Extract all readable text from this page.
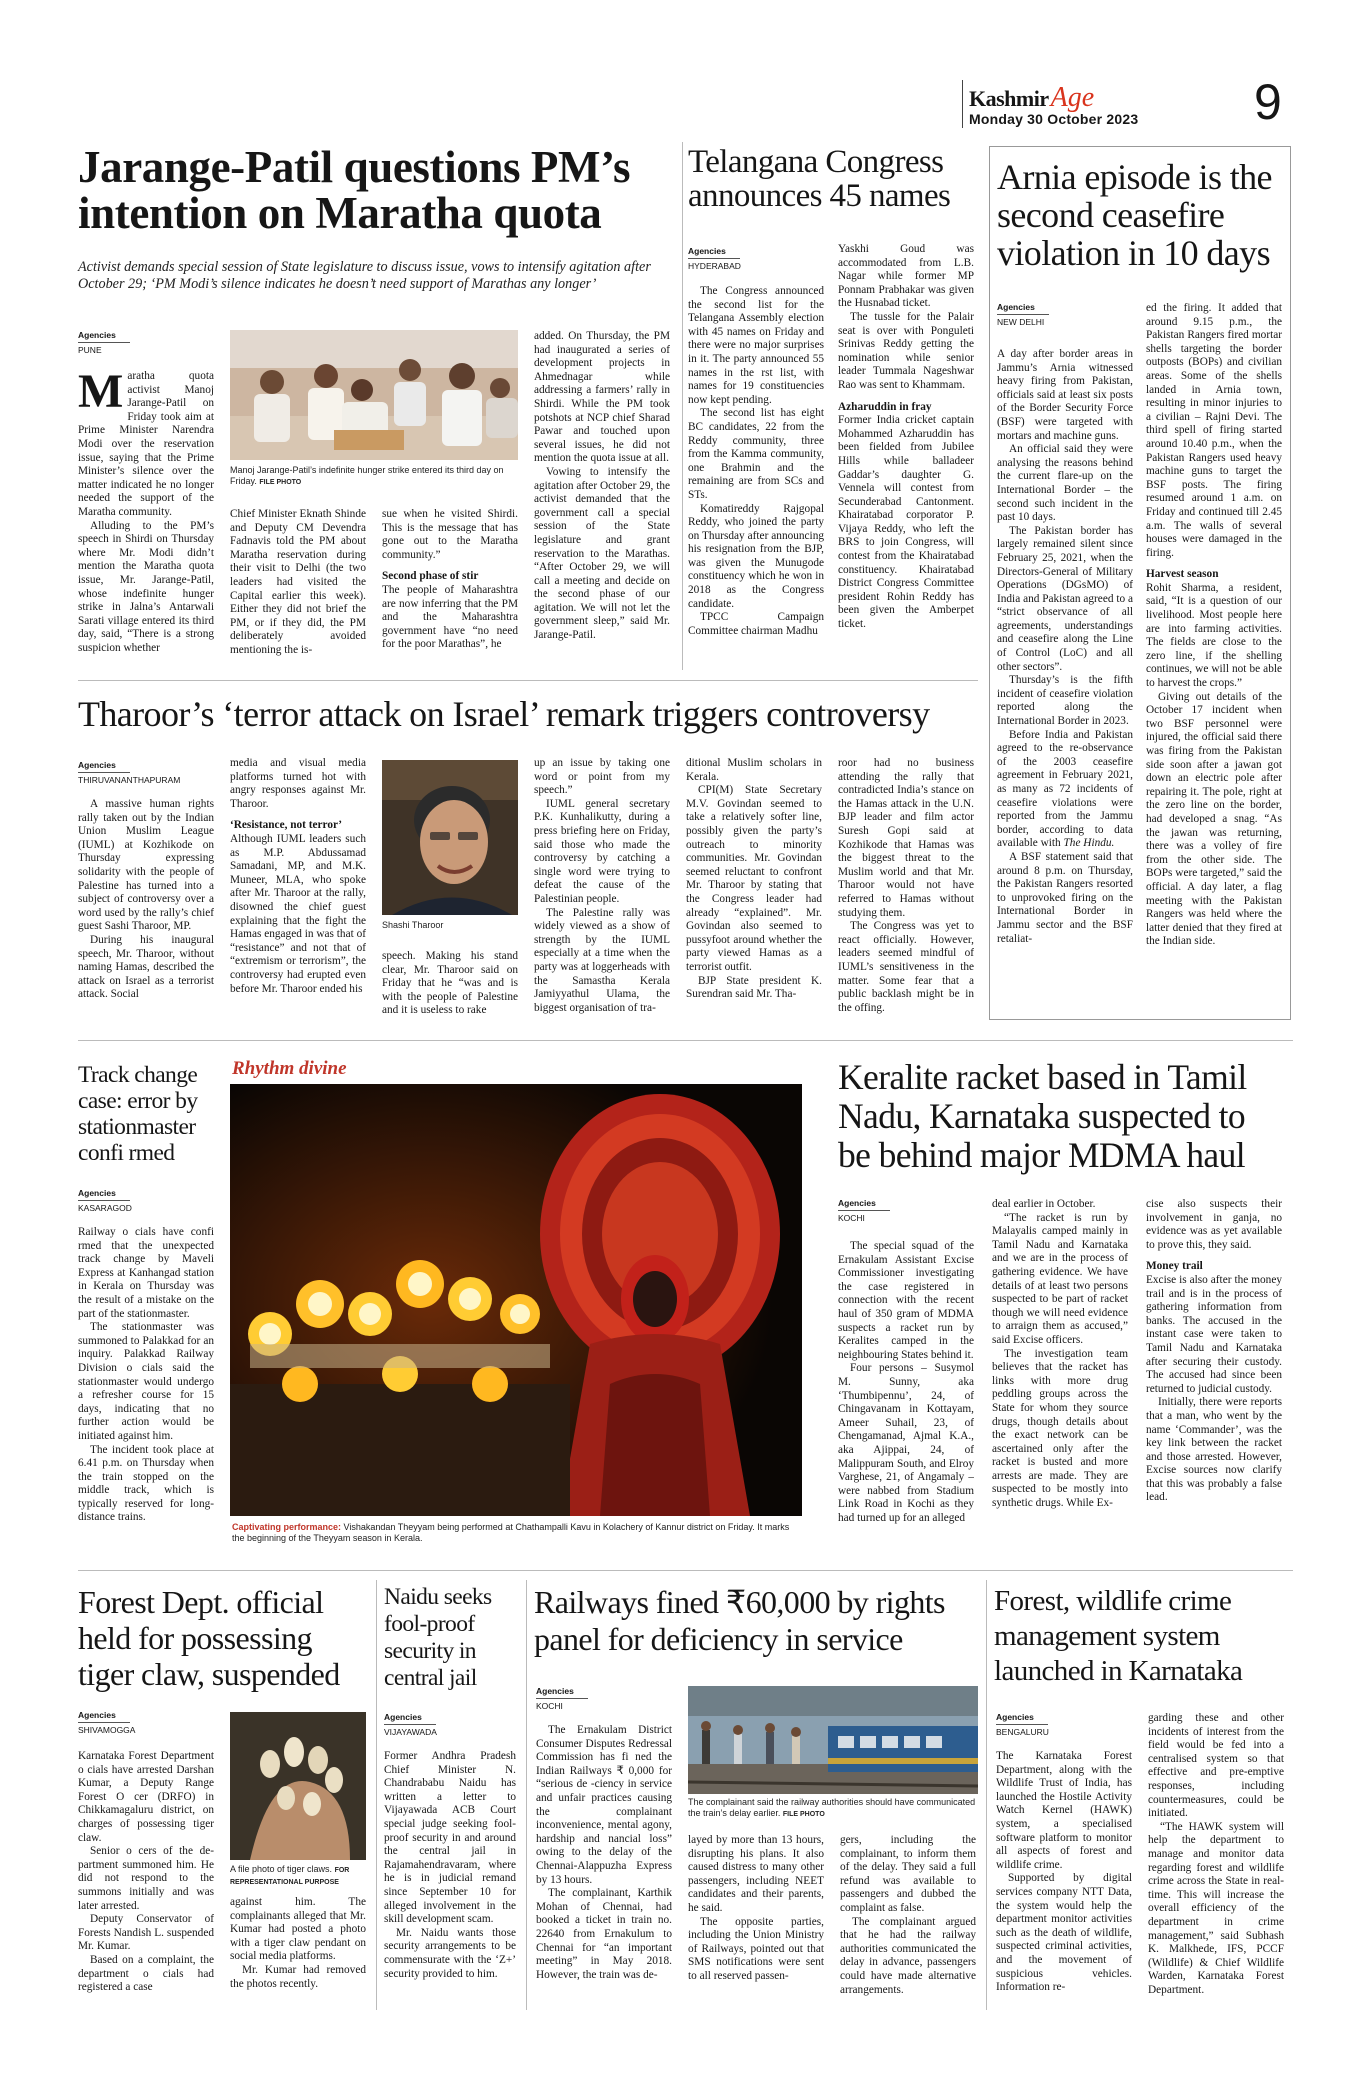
KashmirAge
Monday 30 October 2023 9
Jarange-Patil questions PM’s
intention on Maratha quota
Activist demands special session of State legislature to discuss issue, vows to intensify agitation after October 29; ‘PM Modi’s silence indicates he doesn’t need support of Marathas any longer’
Agencies
PUNE

Maratha quota activist Manoj Jarange-Patil on Friday took aim at Prime Minister Narendra Modi over the reservation issue, saying that the Prime Minister’s silence over the matter indicated he no longer needed the support of the Maratha community.

Alluding to the PM’s speech in Shirdi on Thursday where Mr. Modi didn’t mention the Maratha quota issue, Mr. Jarange-Patil, whose indefinite hunger strike in Jalna’s Antarwali Sarati village entered its third day, said, “There is a strong suspicion whether

Manoj Jarange-Patil’s indefinite hunger strike entered its third day on Friday. FILE PHOTO

Chief Minister Eknath Shinde and Deputy CM Devendra Fadnavis told the PM about Maratha reservation during their visit to Delhi (the two leaders had visited the Capital earlier this week). Either they did not brief the PM, or if they did, the PM deliberately avoided mentioning the is-

sue when he visited Shirdi. This is the message that has gone out to the Maratha community.”

Second phase of stir

The people of Maharashtra are now inferring that the PM and the Maharashtra government have “no need for the poor Marathas”, he

added. On Thursday, the PM had inaugurated a series of development projects in Ahmednagar while addressing a farmers’ rally in Shirdi. While the PM took potshots at NCP chief Sharad Pawar and touched upon several issues, he did not mention the quota issue at all.

Vowing to intensify the agitation after October 29, the activist demanded that the government call a special session of the State legislature and grant reservation to the Marathas. “After October 29, we will call a meeting and decide on the second phase of our agitation. We will not let the government sleep,” said Mr. Jarange-Patil.

Telangana Congress
announces 45 names
Agencies
HYDERABAD

The Congress announced the second list for the Telangana Assembly election with 45 names on Friday and there were no major surprises in it. The party announced 55 names in the rst list, with names for 19 constituencies now kept pending.

The second list has eight BC candidates, 22 from the Reddy community, three from the Kamma community, one Brahmin and the remaining are from SCs and STs.

Komatireddy Rajgopal Reddy, who joined the party on Thursday after announcing his resignation from the BJP, was given the Munugode constituency which he won in 2018 as the Congress candidate.

TPCC Campaign Committee chairman Madhu

Yaskhi Goud was accommodated from L.B. Nagar while former MP Ponnam Prabhakar was given the Husnabad ticket.

The tussle for the Palair seat is over with Ponguleti Srinivas Reddy getting the nomination while senior leader Tummala Nageshwar Rao was sent to Khammam.

Azharuddin in fray

Former India cricket captain Mohammed Azharuddin has been fielded from Jubilee Hills while balladeer Gaddar’s daughter G. Vennela will contest from Secunderabad Cantonment. Khairatabad corporator P. Vijaya Reddy, who left the BRS to join Congress, will contest from the Khairatabad constituency. Khairatabad District Congress Committee president Rohin Reddy has been given the Amberpet ticket.

Arnia episode is the
second ceasefire
violation in 10 days
Agencies
NEW DELHI

A day after border areas in Jammu’s Arnia witnessed heavy firing from Pakistan, officials said at least six posts of the Border Security Force (BSF) were targeted with mortars and machine guns.

An official said they were analysing the reasons behind the current flare-up on the International Border – the second such incident in the past 10 days.

The Pakistan border has largely remained silent since February 25, 2021, when the Directors-General of Military Operations (DGsMO) of India and Pakistan agreed to a “strict observance of all agreements, understandings and ceasefire along the Line of Control (LoC) and all other sectors”.

Thursday’s is the fifth incident of ceasefire violation reported along the International Border in 2023.

Before India and Pakistan agreed to the re-observance of the 2003 ceasefire agreement in February 2021, as many as 72 incidents of ceasefire violations were reported from the Jammu border, according to data available with The Hindu.

A BSF statement said that around 8 p.m. on Thursday, the Pakistan Rangers resorted to unprovoked firing on the International Border in Jammu sector and the BSF retaliat-

ed the firing. It added that around 9.15 p.m., the Pakistan Rangers fired mortar shells targeting the border outposts (BOPs) and civilian areas. Some of the shells landed in Arnia town, resulting in minor injuries to a civilian – Rajni Devi. The third spell of firing started around 10.40 p.m., when the Pakistan Rangers used heavy machine guns to target the BSF posts. The firing resumed around 1 a.m. on Friday and continued till 2.45 a.m. The walls of several houses were damaged in the firing.

Harvest season

Rohit Sharma, a resident, said, “It is a question of our livelihood. Most people here are into farming activities. The fields are close to the zero line, if the shelling continues, we will not be able to harvest the crops.”

Giving out details of the October 17 incident when two BSF personnel were injured, the official said there was firing from the Pakistan side soon after a jawan got down an electric pole after repairing it. The pole, right at the zero line on the border, had developed a snag. “As the jawan was returning, there was a volley of fire from the other side. The BOPs were targeted,” said the official. A day later, a flag meeting with the Pakistan Rangers was held where the latter denied that they fired at the Indian side.

Tharoor’s ‘terror attack on Israel’ remark triggers controversy
Agencies
THIRUVANANTHAPURAM

A massive human rights rally taken out by the Indian Union Muslim League (IUML) at Kozhikode on Thursday expressing solidarity with the people of Palestine has turned into a subject of controversy over a word used by the rally’s chief guest Sashi Tharoor, MP.

During his inaugural speech, Mr. Tharoor, without naming Hamas, described the attack on Israel as a terrorist attack. Social

media and visual media platforms turned hot with angry responses against Mr. Tharoor.

‘Resistance, not terror’

Although IUML leaders such as M.P. Abdussamad Samadani, MP, and M.K. Muneer, MLA, who spoke after Mr. Tharoor at the rally, disowned the chief guest explaining that the fight the Hamas engaged in was that of “resistance” and not that of “extremism or terrorism”, the controversy had erupted even before Mr. Tharoor ended his

Shashi Tharoor

speech. Making his stand clear, Mr. Tharoor said on Friday that he “was and is with the people of Palestine and it is useless to rake

up an issue by taking one word or point from my speech.”

IUML general secretary P.K. Kunhalikutty, during a press briefing here on Friday, said those who made the controversy by catching a single word were trying to defeat the cause of the Palestinian people.

The Palestine rally was widely viewed as a show of strength by the IUML especially at a time when the party was at loggerheads with the Samastha Kerala Jamiyyathul Ulama, the biggest organisation of tra-

ditional Muslim scholars in Kerala.

CPI(M) State Secretary M.V. Govindan seemed to take a relatively softer line, possibly given the party’s outreach to minority communities. Mr. Govindan seemed reluctant to confront Mr. Tharoor by stating that the Congress leader had already “explained”. Mr. Govindan also seemed to pussyfoot around whether the party viewed Hamas as a terrorist outfit.

BJP State president K. Surendran said Mr. Tha-

roor had no business attending the rally that contradicted India’s stance on the Hamas attack in the U.N. BJP leader and film actor Suresh Gopi said at Kozhikode that Hamas was the biggest threat to the Muslim world and that Mr. Tharoor would not have referred to Hamas without studying them.

The Congress was yet to react officially. However, leaders seemed mindful of IUML’s sensitiveness in the matter. Some fear that a public backlash might be in the offing.

Track change
case: error by
stationmaster
confi rmed
Agencies
KASARAGOD

Railway o cials have confi rmed that the unexpected track change by Maveli Express at Kanhangad station in Kerala on Thursday was the result of a mistake on the part of the stationmaster.

The stationmaster was summoned to Palakkad for an inquiry. Palakkad Railway Division o cials said the stationmaster would undergo a refresher course for 15 days, indicating that no further action would be initiated against him.

The incident took place at 6.41 p.m. on Thursday when the train stopped on the middle track, which is typically reserved for long-distance trains.

Rhythm divine
Captivating performance: Vishakandan Theyyam being performed at Chathampalli Kavu in Kolachery of Kannur district on Friday. It marks the beginning of the Theyyam season in Kerala.
Keralite racket based in Tamil
Nadu, Karnataka suspected to
be behind major MDMA haul
Agencies
KOCHI

The special squad of the Ernakulam Assistant Excise Commissioner investigating the case registered in connection with the recent haul of 350 gram of MDMA suspects a racket run by Keralites camped in the neighbouring States behind it.

Four persons – Susymol M. Sunny, aka ‘Thumbipennu’, 24, of Chingavanam in Kottayam, Ameer Suhail, 23, of Chengamanad, Ajmal K.A., aka Ajippai, 24, of Malippuram South, and Elroy Varghese, 21, of Angamaly – were nabbed from Stadium Link Road in Kochi as they had turned up for an alleged

deal earlier in October.

“The racket is run by Malayalis camped mainly in Tamil Nadu and Karnataka and we are in the process of gathering evidence. We have details of at least two persons suspected to be part of racket though we will need evidence to arraign them as accused,” said Excise officers.

The investigation team believes that the racket has links with more drug peddling groups across the State for whom they source drugs, though details about the exact network can be ascertained only after the racket is busted and more arrests are made. They are suspected to be mostly into synthetic drugs. While Ex-

cise also suspects their involvement in ganja, no evidence was as yet available to prove this, they said.

Money trail

Excise is also after the money trail and is in the process of gathering information from banks. The accused in the instant case were taken to Tamil Nadu and Karnataka after securing their custody. The accused had since been returned to judicial custody.

Initially, there were reports that a man, who went by the name ‘Commander’, was the key link between the racket and those arrested. However, Excise sources now clarify that this was probably a false lead.

Forest Dept. official
held for possessing
tiger claw, suspended
Agencies
SHIVAMOGGA

Karnataka Forest Department o cials have arrested Darshan Kumar, a Deputy Range Forest O cer (DRFO) in Chikkamagaluru district, on charges of possessing tiger claw.

Senior o cers of the de-partment summoned him. He did not respond to the summons initially and was later arrested.

Deputy Conservator of Forests Nandish L. suspended Mr. Kumar.

Based on a complaint, the department o cials had registered a case

A file photo of tiger claws. FOR REPRESENTATIONAL PURPOSE

against him. The complainants alleged that Mr. Kumar had posted a photo with a tiger claw pendant on social media platforms.

Mr. Kumar had removed the photos recently.

Naidu seeks
fool-proof
security in
central jail
Agencies
VIJAYAWADA

Former Andhra Pradesh Chief Minister N. Chandrababu Naidu has written a letter to Vijayawada ACB Court special judge seeking fool-proof security in and around the central jail in Rajamahendravaram, where he is in judicial remand since September 10 for alleged involvement in the skill development scam.

Mr. Naidu wants those security arrangements to be commensurate with the ‘Z+’ security provided to him.

Railways fined ₹60,000 by rights
panel for deficiency in service
Agencies
KOCHI

The Ernakulam District Consumer Disputes Redressal Commission has fi ned the Indian Railways ₹ 0,000 for “serious de -ciency in service and unfair practices causing the complainant inconvenience, mental agony, hardship and nancial loss” owing to the delay of the Chennai-Alappuzha Express by 13 hours.

The complainant, Karthik Mohan of Chennai, had booked a ticket in train no. 22640 from Ernakulum to Chennai for “an important meeting” in May 2018. However, the train was de-

The complainant said the railway authorities should have communicated the train’s delay earlier. FILE PHOTO

layed by more than 13 hours, disrupting his plans. It also caused distress to many other passengers, including NEET candidates and their parents, he said.

The opposite parties, including the Union Ministry of Railways, pointed out that SMS notifications were sent to all reserved passen-

gers, including the complainant, to inform them of the delay. They said a full refund was available to passengers and dubbed the complaint as false.

The complainant argued that he had the railway authorities communicated the delay in advance, passengers could have made alternative arrangements.

Forest, wildlife crime
management system
launched in Karnataka
Agencies
BENGALURU

The Karnataka Forest Department, along with the Wildlife Trust of India, has launched the Hostile Activity Watch Kernel (HAWK) system, a specialised software platform to monitor all aspects of forest and wildlife crime.

Supported by digital services company NTT Data, the system would help the department monitor activities such as the death of wildlife, suspected criminal activities, and the movement of suspicious vehicles. Information re-

garding these and other incidents of interest from the field would be fed into a centralised system so that effective and pre-emptive responses, including countermeasures, could be initiated.

“The HAWK system will help the department to manage and monitor data regarding forest and wildlife crime across the State in real-time. This will increase the overall efficiency of the department in crime management,” said Subhash K. Malkhede, IFS, PCCF (Wildlife) & Chief Wildlife Warden, Karnataka Forest Department.
